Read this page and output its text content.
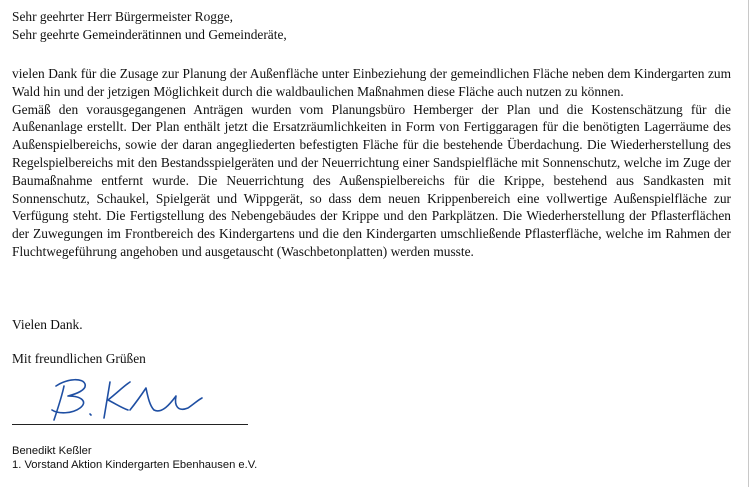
Sehr geehrter Herr Bürgermeister Rogge,
Sehr geehrte Gemeinderätinnen und Gemeinderäte,

vielen Dank für die Zusage zur Planung der Außenfläche unter Einbeziehung der gemeindlichen Fläche neben dem Kindergarten zum Wald hin und der jetzigen Möglichkeit durch die waldbaulichen Maßnahmen diese Fläche auch nutzen zu können.

Gemäß den vorausgegangenen Anträgen wurden vom Planungsbüro Hemberger der Plan und die Kostenschätzung für die Außenanlage erstellt. Der Plan enthält jetzt die Ersatzräumlichkeiten in Form von Fertiggaragen für die benötigten Lagerräume des Außenspielbereichs, sowie der daran angegliederten befestigten Fläche für die bestehende Überdachung. Die Wiederherstellung des Regelspielbereichs mit den Bestandsspielgeräten und der Neuerrichtung einer Sandspielfläche mit Sonnenschutz, welche im Zuge der Baumaßnahme entfernt wurde. Die Neuerrichtung des Außenspielbereichs für die Krippe, bestehend aus Sandkasten mit Sonnenschutz, Schaukel, Spielgerät und Wippgerät, so dass dem neuen Krippenbereich eine vollwertige Außenspielfläche zur Verfügung steht. Die Fertigstellung des Nebengebäudes der Krippe und den Parkplätzen. Die Wiederherstellung der Pflasterflächen der Zuwegungen im Frontbereich des Kindergartens und die den Kindergarten umschließende Pflasterfläche, welche im Rahmen der Fluchtwegeführung angehoben und ausgetauscht (Waschbetonplatten) werden musste.

Vielen Dank.
Mit freundlichen Grüßen
Benedikt Keßler
1. Vorstand Aktion Kindergarten Ebenhausen e.V.
